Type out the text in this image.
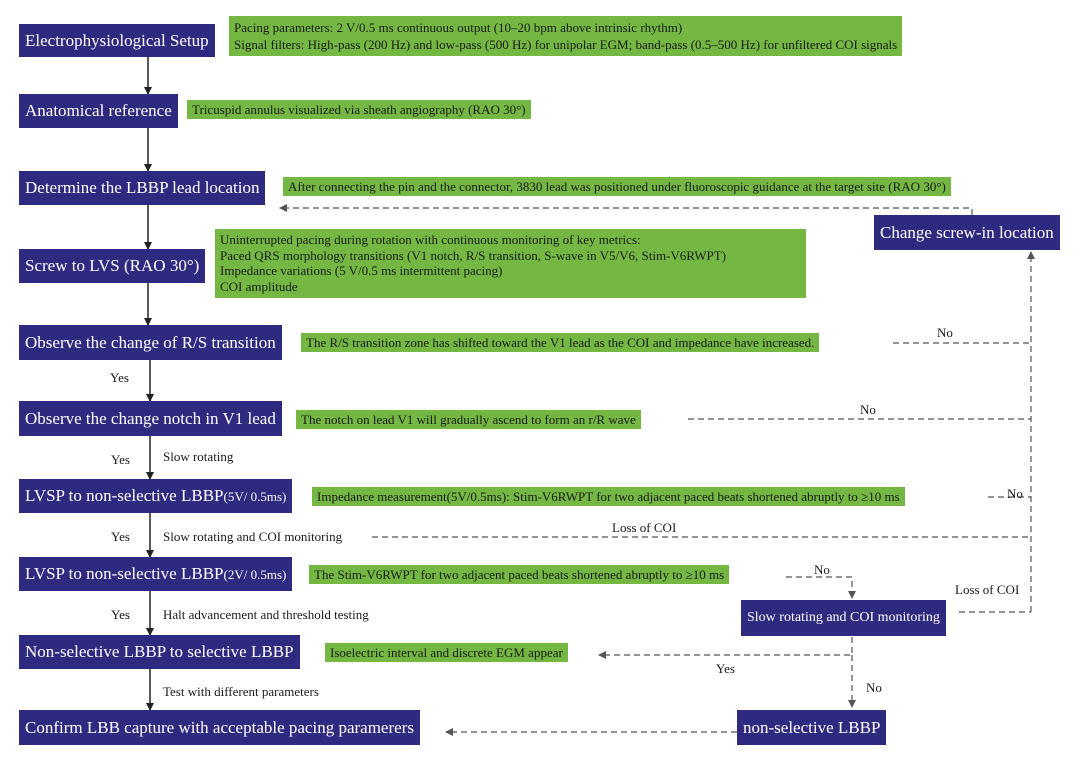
Electrophysiological Setup
Anatomical reference
Determine the LBBP lead location
Screw to LVS (RAO 30°)
Observe the change of R/S transition
Observe the change notch in V1 lead
LVSP to non-selective LBBP(5V/ 0.5ms)
LVSP to non-selective LBBP(2V/ 0.5ms)
Non-selective LBBP to selective LBBP
Confirm LBB capture with acceptable pacing paramerers
Change screw-in location
Slow rotating and COI monitoring
non-selective LBBP
Pacing parameters: 2 V/0.5 ms continuous output (10–20 bpm above intrinsic rhythm)
Signal filters: High-pass (200 Hz) and low-pass (500 Hz) for unipolar EGM; band-pass (0.5–500 Hz) for unfiltered COI signals
Tricuspid annulus visualized via sheath angiography (RAO 30°)
After connecting the pin and the connector, 3830 lead was positioned under fluoroscopic guidance at the target site (RAO 30°)
Uninterrupted pacing during rotation with continuous monitoring of key metrics:
Paced QRS morphology transitions (V1 notch, R/S transition, S-wave in V5/V6, Stim-V6RWPT)
Impedance variations (5 V/0.5 ms intermittent pacing)
COI amplitude
The R/S transition zone has shifted toward the V1 lead as the COI and impedance have increased.
The notch on lead V1 will gradually ascend to form an r/R wave
Impedance measurement(5V/0.5ms): Stim-V6RWPT for two adjacent paced beats shortened abruptly to ≥10 ms
The Stim-V6RWPT for two adjacent paced beats shortened abruptly to ≥10 ms
Isoelectric interval and discrete EGM appear
Yes
Yes	Slow rotating
Yes	Slow rotating and COI monitoring
Loss of COI
Yes	Halt advancement and threshold testing
Test with different parameters
No
No
No
No
Loss of COI
Yes
No
